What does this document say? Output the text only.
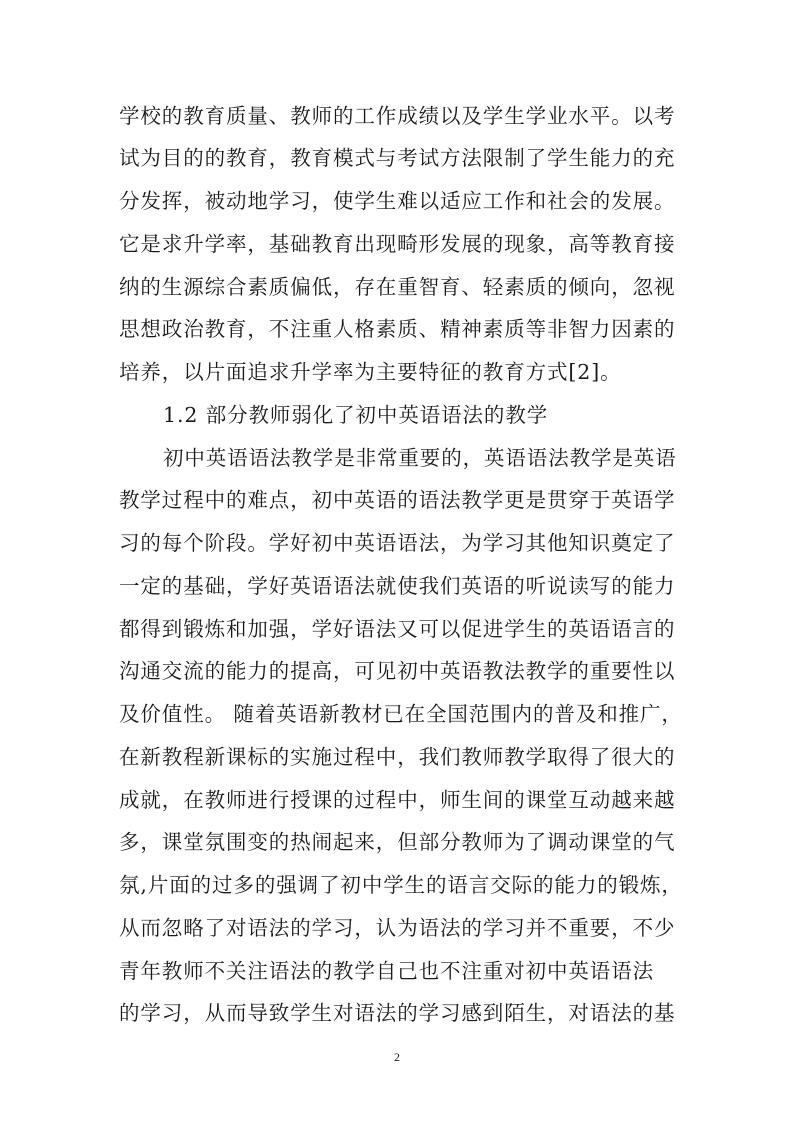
学校的教育质量、教师的工作成绩以及学生学业水平。以考
试为目的的教育，教育模式与考试方法限制了学生能力的充
分发挥，被动地学习，使学生难以适应工作和社会的发展。
它是求升学率，基础教育出现畸形发展的现象，高等教育接
纳的生源综合素质偏低，存在重智育、轻素质的倾向，忽视
思想政治教育，不注重人格素质、精神素质等非智力因素的
培养，以片面追求升学率为主要特征的教育方式[2]。
1.2 部分教师弱化了初中英语语法的教学
初中英语语法教学是非常重要的，英语语法教学是英语
教学过程中的难点，初中英语的语法教学更是贯穿于英语学
习的每个阶段。学好初中英语语法，为学习其他知识奠定了
一定的基础，学好英语语法就使我们英语的听说读写的能力
都得到锻炼和加强，学好语法又可以促进学生的英语语言的
沟通交流的能力的提高，可见初中英语教法教学的重要性以
及价值性。 随着英语新教材已在全国范围内的普及和推广，
在新教程新课标的实施过程中，我们教师教学取得了很大的
成就，在教师进行授课的过程中，师生间的课堂互动越来越
多，课堂氛围变的热闹起来，但部分教师为了调动课堂的气
氛,片面的过多的强调了初中学生的语言交际的能力的锻炼，
从而忽略了对语法的学习，认为语法的学习并不重要，不少
青年教师不关注语法的教学自己也不注重对初中英语语法
的学习，从而导致学生对语法的学习感到陌生，对语法的基
2
